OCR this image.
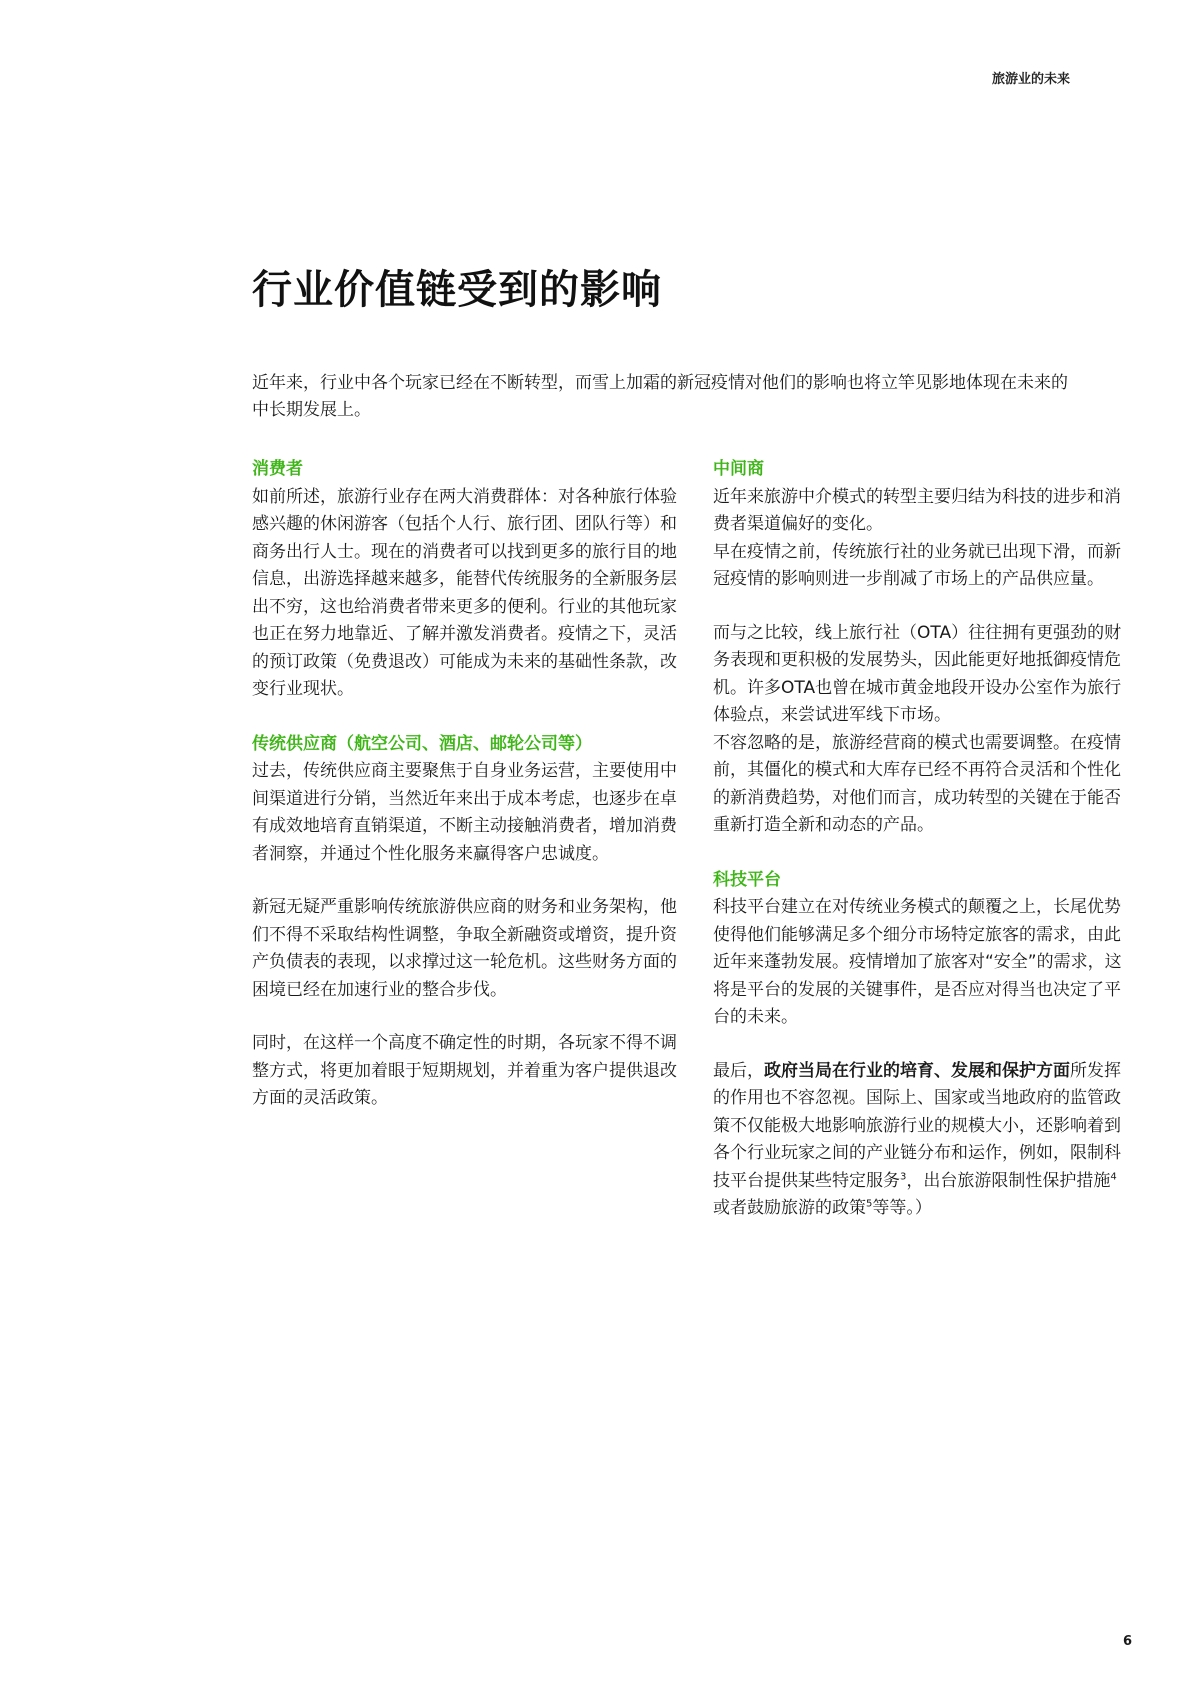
旅游业的未来
行业价值链受到的影响

近年来，行业中各个玩家已经在不断转型，而雪上加霜的新冠疫情对他们的影响也将立竿见影地体现在未来的中长期发展上。

消费者

如前所述，旅游行业存在两大消费群体：对各种旅行体验感兴趣的休闲游客（包括个人行、旅行团、团队行等）和商务出行人士。现在的消费者可以找到更多的旅行目的地信息，出游选择越来越多，能替代传统服务的全新服务层出不穷，这也给消费者带来更多的便利。行业的其他玩家也正在努力地靠近、了解并激发消费者。疫情之下，灵活的预订政策（免费退改）可能成为未来的基础性条款，改变行业现状。

传统供应商（航空公司、酒店、邮轮公司等）

过去，传统供应商主要聚焦于自身业务运营，主要使用中间渠道进行分销，当然近年来出于成本考虑，也逐步在卓有成效地培育直销渠道，不断主动接触消费者，增加消费者洞察，并通过个性化服务来赢得客户忠诚度。

新冠无疑严重影响传统旅游供应商的财务和业务架构，他们不得不采取结构性调整，争取全新融资或增资，提升资产负债表的表现，以求撑过这一轮危机。这些财务方面的困境已经在加速行业的整合步伐。

同时，在这样一个高度不确定性的时期，各玩家不得不调整方式，将更加着眼于短期规划，并着重为客户提供退改方面的灵活政策。

中间商

近年来旅游中介模式的转型主要归结为科技的进步和消费者渠道偏好的变化。

早在疫情之前，传统旅行社的业务就已出现下滑，而新冠疫情的影响则进一步削减了市场上的产品供应量。

而与之比较，线上旅行社（OTA）往往拥有更强劲的财务表现和更积极的发展势头，因此能更好地抵御疫情危机。许多OTA也曾在城市黄金地段开设办公室作为旅行体验点，来尝试进军线下市场。

不容忽略的是，旅游经营商的模式也需要调整。在疫情前，其僵化的模式和大库存已经不再符合灵活和个性化的新消费趋势，对他们而言，成功转型的关键在于能否重新打造全新和动态的产品。

科技平台

科技平台建立在对传统业务模式的颠覆之上，长尾优势使得他们能够满足多个细分市场特定旅客的需求，由此近年来蓬勃发展。疫情增加了旅客对“安全”的需求，这将是平台的发展的关键事件，是否应对得当也决定了平台的未来。

最后，政府当局在行业的培育、发展和保护方面所发挥的作用也不容忽视。国际上、国家或当地政府的监管政策不仅能极大地影响旅游行业的规模大小，还影响着到各个行业玩家之间的产业链分布和运作，例如，限制科技平台提供某些特定服务$^3$，出台旅游限制性保护措施$^4$或者鼓励旅游的政策$^5$等等。）

6
